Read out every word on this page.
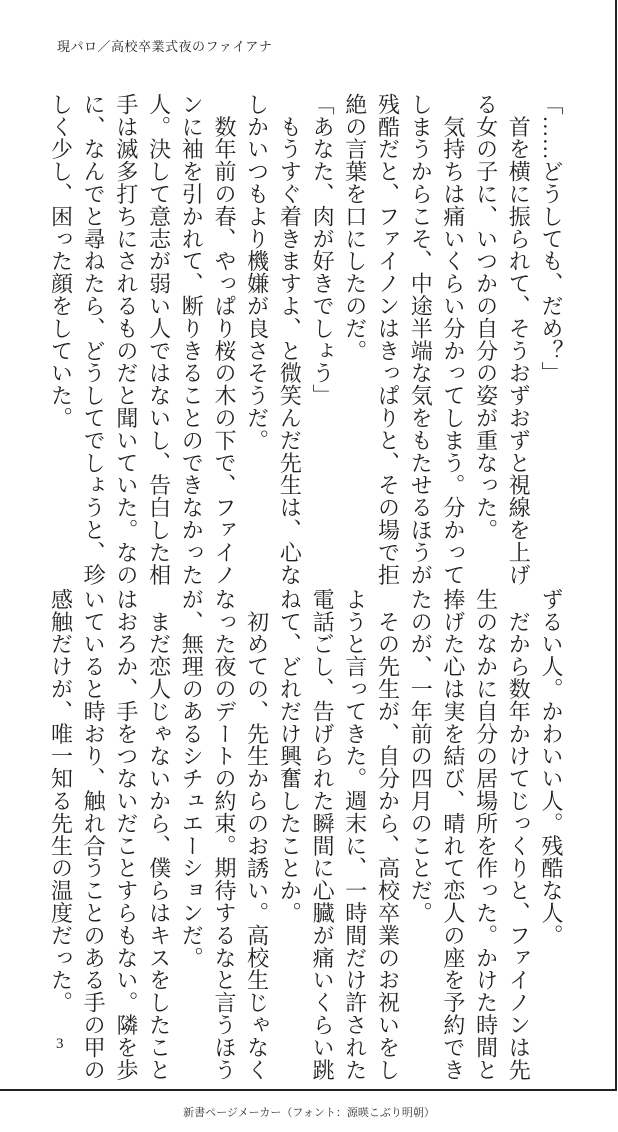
現パロ／高校卒業式夜のファイアナ
「……どうしても、だめ？」
　首を横に振られて、そうおずおずと視線を上げ
る女の子に、いつかの自分の姿が重なった。
　気持ちは痛いくらい分かってしまう。分かって
しまうからこそ、中途半端な気をもたせるほうが
残酷だと、ファイノンはきっぱりと、その場で拒
絶の言葉を口にしたのだ。
「あなた、肉が好きでしょう」
　もうすぐ着きますよ、と微笑んだ先生は、心な
しかいつもより機嫌が良さそうだ。
　数年前の春、やっぱり桜の木の下で、ファイノ
ンに袖を引かれて、断りきることのできなかった
人。決して意志が弱い人ではないし、告白した相
手は滅多打ちにされるものだと聞いていた。なの
に、なんでと尋ねたら、どうしてでしょうと、珍
しく少し、困った顔をしていた。
ずるい人。かわいい人。残酷な人。
　だから数年かけてじっくりと、ファイノンは先
生のなかに自分の居場所を作った。かけた時間と
捧げた心は実を結び、晴れて恋人の座を予約でき
たのが、一年前の四月のことだ。
　その先生が、自分から、高校卒業のお祝いをし
ようと言ってきた。週末に、一時間だけ許された
電話ごし、告げられた瞬間に心臓が痛いくらい跳
ねて、どれだけ興奮したことか。
　初めての、先生からのお誘い。高校生じゃなく
なった夜のデートの約束。期待するなと言うほう
が、無理のあるシチュエーションだ。
　まだ恋人じゃないから、僕らはキスをしたこと
はおろか、手をつないだことすらもない。隣を歩
いていると時おり、触れ合うことのある手の甲の
感触だけが、唯一知る先生の温度だった。
3
新書ページメーカー（フォント：源暎こぶり明朝）
